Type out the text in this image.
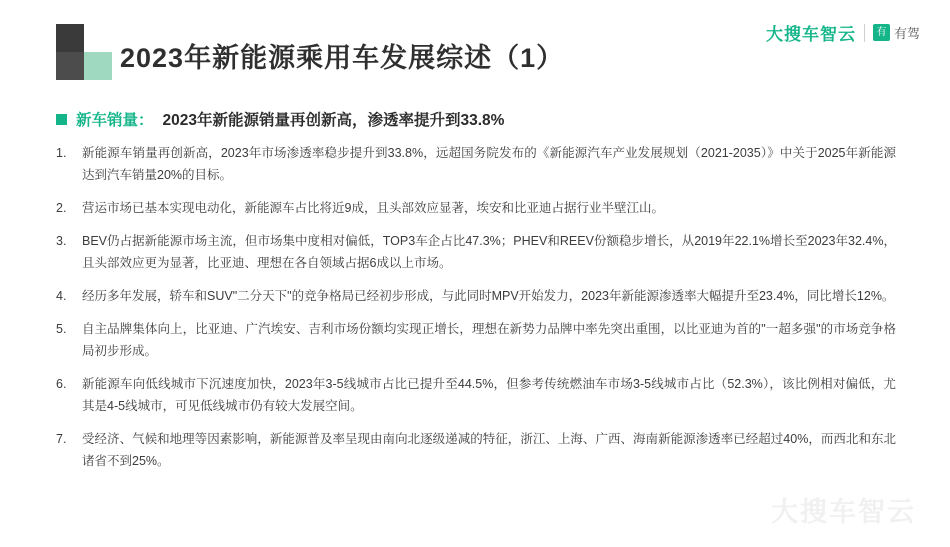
2023年新能源乘用车发展综述（1）
大搜车智云	有 有驾
新车销量： 2023年新能源销量再创新高，渗透率提升到33.8%
1.	新能源车销量再创新高，2023年市场渗透率稳步提升到33.8%，远超国务院发布的《新能源汽车产业发展规划（2021-2035）》中关于2025年新能源达到汽车销量20%的目标。
2.	营运市场已基本实现电动化，新能源车占比将近9成，且头部效应显著，埃安和比亚迪占据行业半壁江山。
3.	BEV仍占据新能源市场主流，但市场集中度相对偏低，TOP3车企占比47.3%；PHEV和REEV份额稳步增长，从2019年22.1%增长至2023年32.4%，且头部效应更为显著，比亚迪、理想在各自领域占据6成以上市场。
4.	经历多年发展，轿车和SUV"二分天下"的竞争格局已经初步形成，与此同时MPV开始发力，2023年新能源渗透率大幅提升至23.4%，同比增长12%。
5.	自主品牌集体向上，比亚迪、广汽埃安、吉利市场份额均实现正增长，理想在新势力品牌中率先突出重围，以比亚迪为首的"一超多强"的市场竞争格局初步形成。
6.	新能源车向低线城市下沉速度加快，2023年3-5线城市占比已提升至44.5%，但参考传统燃油车市场3-5线城市占比（52.3%），该比例相对偏低，尤其是4-5线城市，可见低线城市仍有较大发展空间。
7.	受经济、气候和地理等因素影响，新能源普及率呈现由南向北逐级递减的特征，浙江、上海、广西、海南新能源渗透率已经超过40%，而西北和东北诸省不到25%。
大搜车智云
